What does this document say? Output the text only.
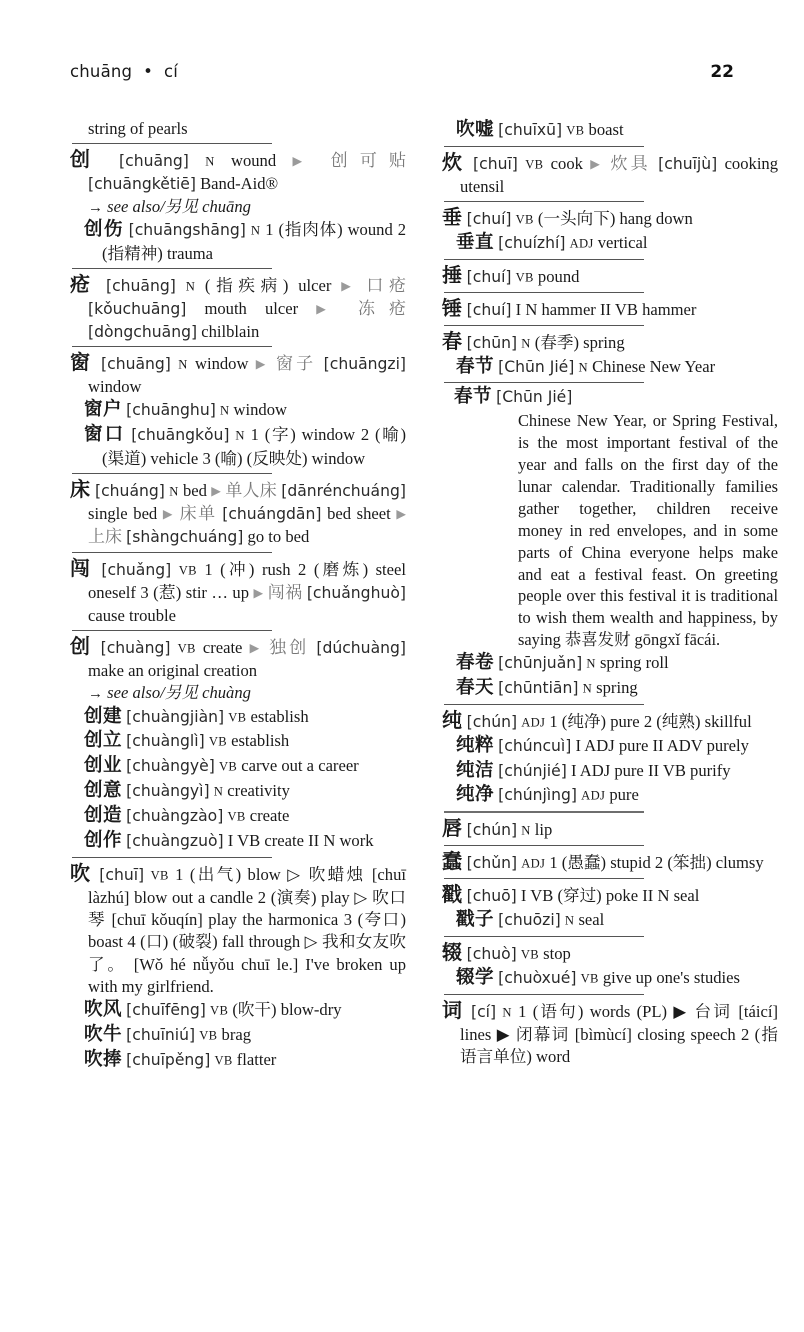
chuāng  •  cí	22

string of pearls

创 [chuāng] N wound ▶ 创可贴 [chuāngkětiē] Band-Aid®

→ see also/另见 chuāng

创伤 [chuāngshāng] N 1 (指肉体) wound 2 (指精神) trauma

疮 [chuāng] N (指疾病) ulcer ▶ 口疮 [kǒuchuāng] mouth ulcer ▶ 冻疮 [dòngchuāng] chilblain

窗 [chuāng] N window ▶ 窗子 [chuāngzi] window

窗户 [chuānghu] N window

窗口 [chuāngkǒu] N 1 (字) window 2 (喻) (渠道) vehicle 3 (喻) (反映处) window

床 [chuáng] N bed ▶ 单人床 [dānrénchuáng] single bed ▶ 床单 [chuángdān] bed sheet ▶ 上床 [shàngchuáng] go to bed

闯 [chuǎng] VB 1 (冲) rush 2 (磨炼) steel oneself 3 (惹) stir … up ▶ 闯祸 [chuǎnghuò] cause trouble

创 [chuàng] VB create ▶ 独创 [dúchuàng] make an original creation

→ see also/另见 chuàng

创建 [chuàngjiàn] VB establish

创立 [chuànglì] VB establish

创业 [chuàngyè] VB carve out a career

创意 [chuàngyì] N creativity

创造 [chuàngzào] VB create

创作 [chuàngzuò] I VB create II N work

吹 [chuī] VB 1 (出气) blow ▷ 吹蜡烛 [chuī làzhú] blow out a candle 2 (演奏) play ▷ 吹口琴 [chuī kǒuqín] play the harmonica 3 (夸口) boast 4 (口) (破裂) fall through ▷ 我和女友吹了。 [Wǒ hé nǚyǒu chuī le.] I've broken up with my girlfriend.

吹风 [chuīfēng] VB (吹干) blow-dry

吹牛 [chuīniú] VB brag

吹捧 [chuīpěng] VB flatter

吹嘘 [chuīxū] VB boast

炊 [chuī] VB cook ▶ 炊具 [chuījù] cooking utensil

垂 [chuí] VB (一头向下) hang down

垂直 [chuízhí] ADJ vertical

捶 [chuí] VB pound

锤 [chuí] I N hammer II VB hammer

春 [chūn] N (春季) spring

春节 [Chūn Jié] N Chinese New Year

春节 [Chūn Jié]

Chinese New Year, or Spring Festival, is the most important festival of the year and falls on the first day of the lunar calendar. Traditionally families gather together, children receive money in red envelopes, and in some parts of China everyone helps make and eat a festival feast. On greeting people over this festival it is traditional to wish them wealth and happiness, by saying 恭喜发财 gōngxǐ fācái.

春卷 [chūnjuǎn] N spring roll

春天 [chūntiān] N spring

纯 [chún] ADJ 1 (纯净) pure 2 (纯熟) skillful

纯粹 [chúncuì] I ADJ pure II ADV purely

纯洁 [chúnjié] I ADJ pure II VB purify

纯净 [chúnjìng] ADJ pure

唇 [chún] N lip

蠢 [chǔn] ADJ 1 (愚蠢) stupid 2 (笨拙) clumsy

戳 [chuō] I VB (穿过) poke II N seal

戳子 [chuōzi] N seal

辍 [chuò] VB stop

辍学 [chuòxué] VB give up one's studies

词 [cí] N 1 (语句) words (PL) ▶ 台词 [táicí] lines ▶ 闭幕词 [bìmùcí] closing speech 2 (指语言单位) word
